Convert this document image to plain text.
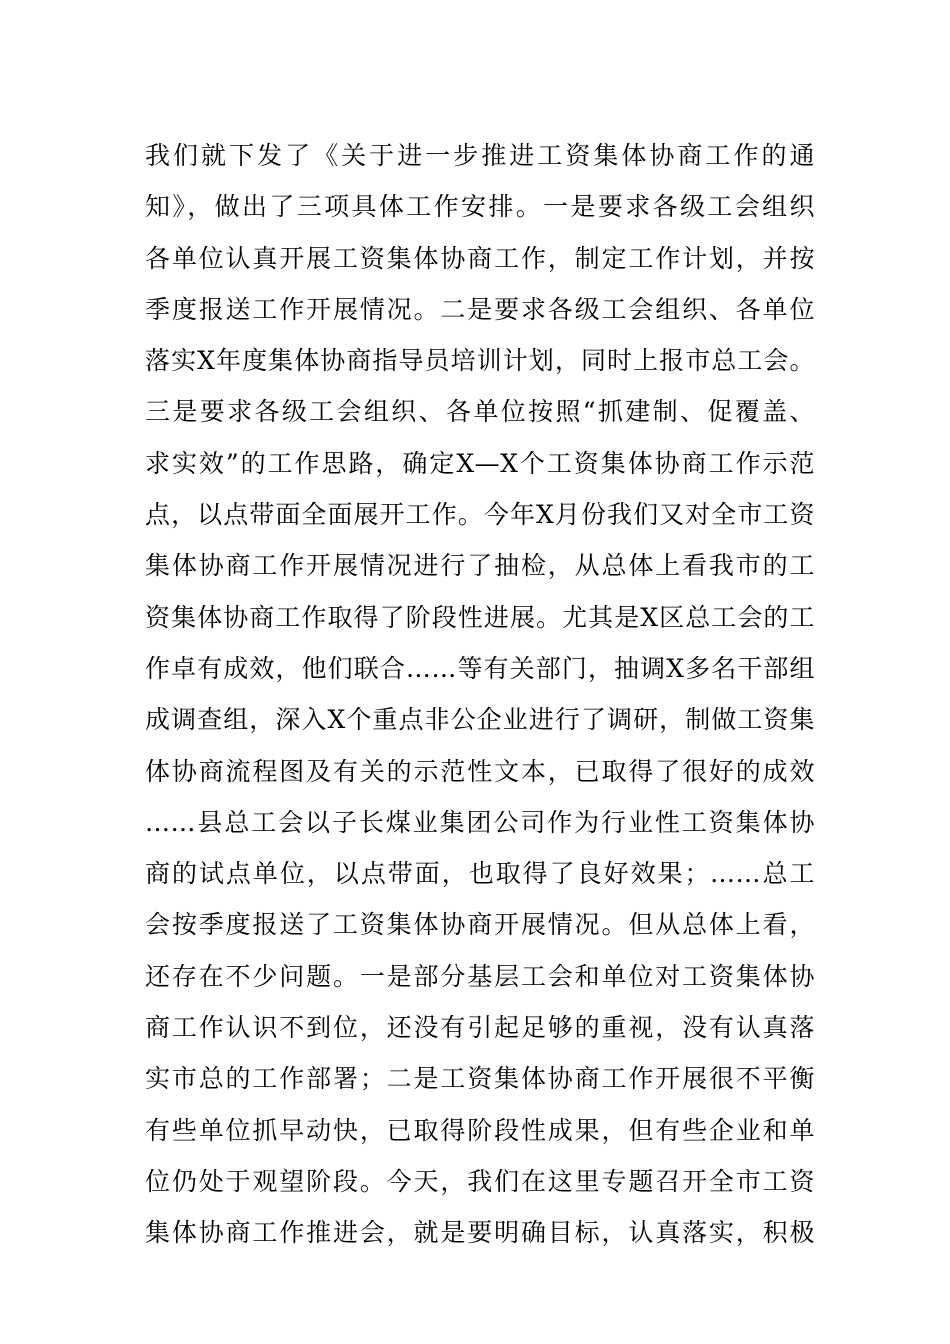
我们就下发了《关于进一步推进工资集体协商工作的通
知》，做出了三项具体工作安排。一是要求各级工会组织
各单位认真开展工资集体协商工作，制定工作计划，并按
季度报送工作开展情况。二是要求各级工会组织、各单位
落实X年度集体协商指导员培训计划，同时上报市总工会。
三是要求各级工会组织、各单位按照“抓建制、促覆盖、
求实效”的工作思路，确定X—X个工资集体协商工作示范
点，以点带面全面展开工作。今年X月份我们又对全市工资
集体协商工作开展情况进行了抽检，从总体上看我市的工
资集体协商工作取得了阶段性进展。尤其是X区总工会的工
作卓有成效，他们联合……等有关部门，抽调X多名干部组
成调查组，深入X个重点非公企业进行了调研，制做工资集
体协商流程图及有关的示范性文本，已取得了很好的成效
……县总工会以子长煤业集团公司作为行业性工资集体协
商的试点单位，以点带面，也取得了良好效果；……总工
会按季度报送了工资集体协商开展情况。但从总体上看，
还存在不少问题。一是部分基层工会和单位对工资集体协
商工作认识不到位，还没有引起足够的重视，没有认真落
实市总的工作部署；二是工资集体协商工作开展很不平衡
有些单位抓早动快，已取得阶段性成果，但有些企业和单
位仍处于观望阶段。今天，我们在这里专题召开全市工资
集体协商工作推进会，就是要明确目标，认真落实，积极
